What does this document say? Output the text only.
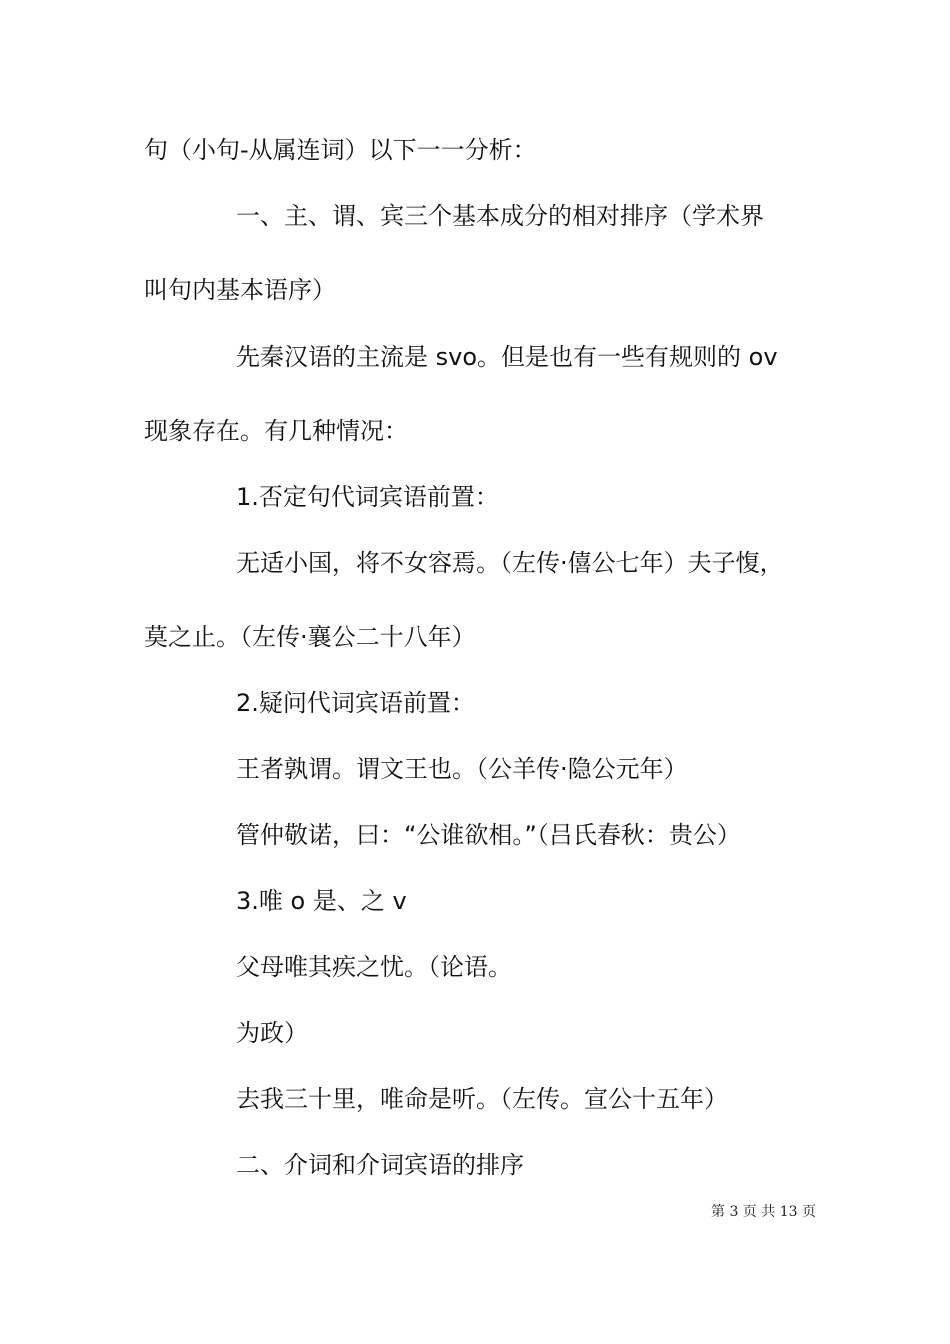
句（小句-从属连词）以下一一分析：
一、主、谓、宾三个基本成分的相对排序（学术界
叫句内基本语序）
先秦汉语的主流是 svo。但是也有一些有规则的 ov
现象存在。有几种情况：
1.否定句代词宾语前置：
无适小国，将不女容焉。（左传·僖公七年）夫子愎，
莫之止。（左传·襄公二十八年）
2.疑问代词宾语前置：
王者孰谓。谓文王也。（公羊传·隐公元年）
管仲敬诺，曰：“公谁欲相。”（吕氏春秋：贵公）
3.唯 o 是、之 v
父母唯其疾之忧。（论语。
为政）
去我三十里，唯命是听。（左传。宣公十五年）
二、介词和介词宾语的排序
第 3 页 共 13 页
